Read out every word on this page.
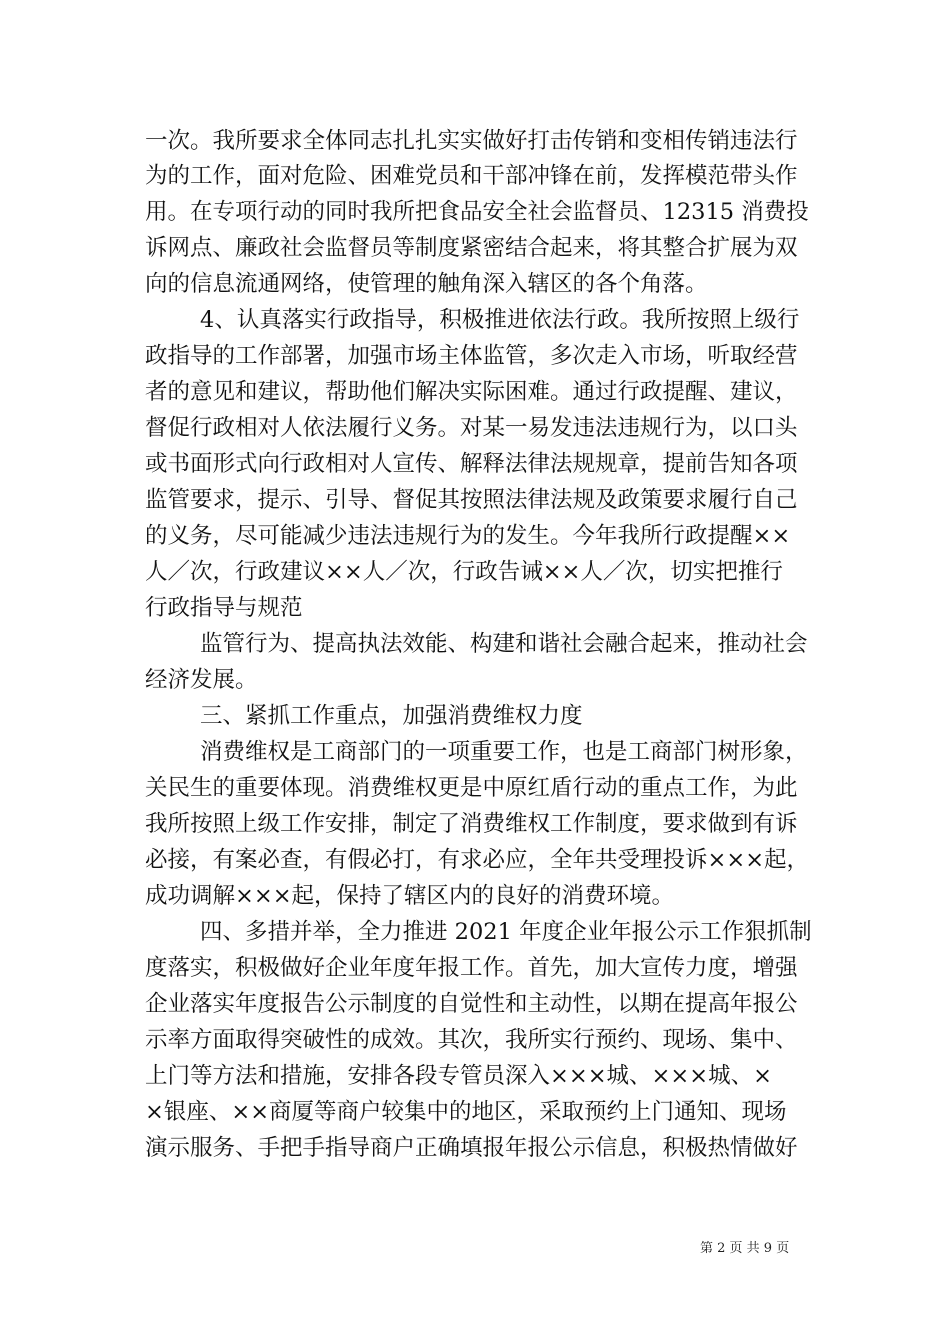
一次。我所要求全体同志扎扎实实做好打击传销和变相传销违法行
为的工作，面对危险、困难党员和干部冲锋在前，发挥模范带头作
用。在专项行动的同时我所把食品安全社会监督员、12315 消费投
诉网点、廉政社会监督员等制度紧密结合起来，将其整合扩展为双
向的信息流通网络，使管理的触角深入辖区的各个角落。
4、认真落实行政指导，积极推进依法行政。我所按照上级行
政指导的工作部署，加强市场主体监管，多次走入市场，听取经营
者的意见和建议，帮助他们解决实际困难。通过行政提醒、建议，
督促行政相对人依法履行义务。对某一易发违法违规行为，以口头
或书面形式向行政相对人宣传、解释法律法规规章，提前告知各项
监管要求，提示、引导、督促其按照法律法规及政策要求履行自己
的义务，尽可能减少违法违规行为的发生。今年我所行政提醒××
人／次，行政建议××人／次，行政告诫××人／次，切实把推行
行政指导与规范
监管行为、提高执法效能、构建和谐社会融合起来，推动社会
经济发展。
三、紧抓工作重点，加强消费维权力度
消费维权是工商部门的一项重要工作，也是工商部门树形象，
关民生的重要体现。消费维权更是中原红盾行动的重点工作，为此
我所按照上级工作安排，制定了消费维权工作制度，要求做到有诉
必接，有案必查，有假必打，有求必应，全年共受理投诉×××起，
成功调解×××起，保持了辖区内的良好的消费环境。
四、多措并举，全力推进 2021 年度企业年报公示工作狠抓制
度落实，积极做好企业年度年报工作。首先，加大宣传力度，增强
企业落实年度报告公示制度的自觉性和主动性，以期在提高年报公
示率方面取得突破性的成效。其次，我所实行预约、现场、集中、
上门等方法和措施，安排各段专管员深入×××城、×××城、×
×银座、××商厦等商户较集中的地区，采取预约上门通知、现场
演示服务、手把手指导商户正确填报年报公示信息，积极热情做好
第 2 页 共 9 页
